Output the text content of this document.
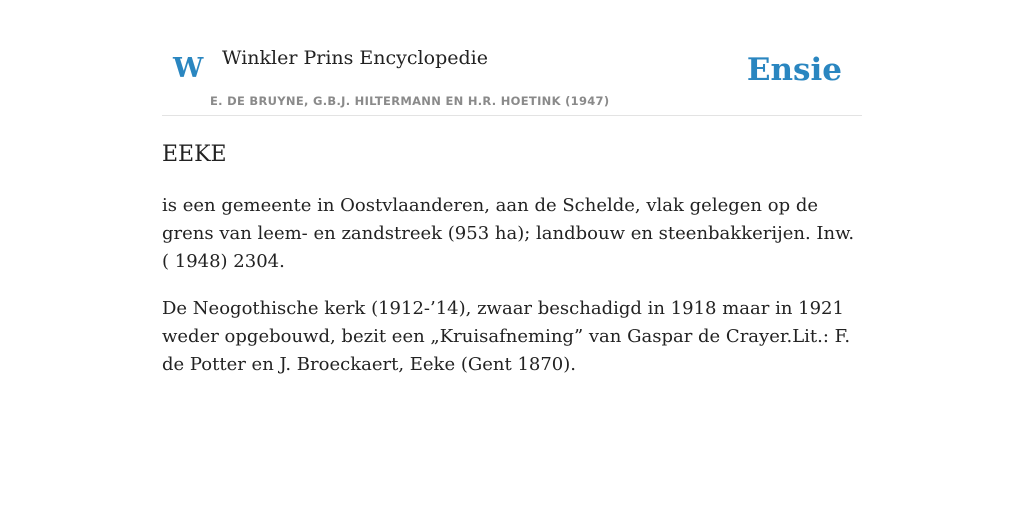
W Winkler Prins Encyclopedie
E. DE BRUYNE, G.B.J. HILTERMANN EN H.R. HOETINK (1947)
Ensie
EEKE

is een gemeente in Oostvlaanderen, aan de Schelde, vlak gelegen op de grens van leem- en zandstreek (953 ha); landbouw en steenbakkerijen. Inw. ( 1948) 2304.

De Neogothische kerk (1912-’14), zwaar beschadigd in 1918 maar in 1921 weder opgebouwd, bezit een „Kruisafneming” van Gaspar de Crayer.Lit.: F. de Potter en J. Broeckaert, Eeke (Gent 1870).
